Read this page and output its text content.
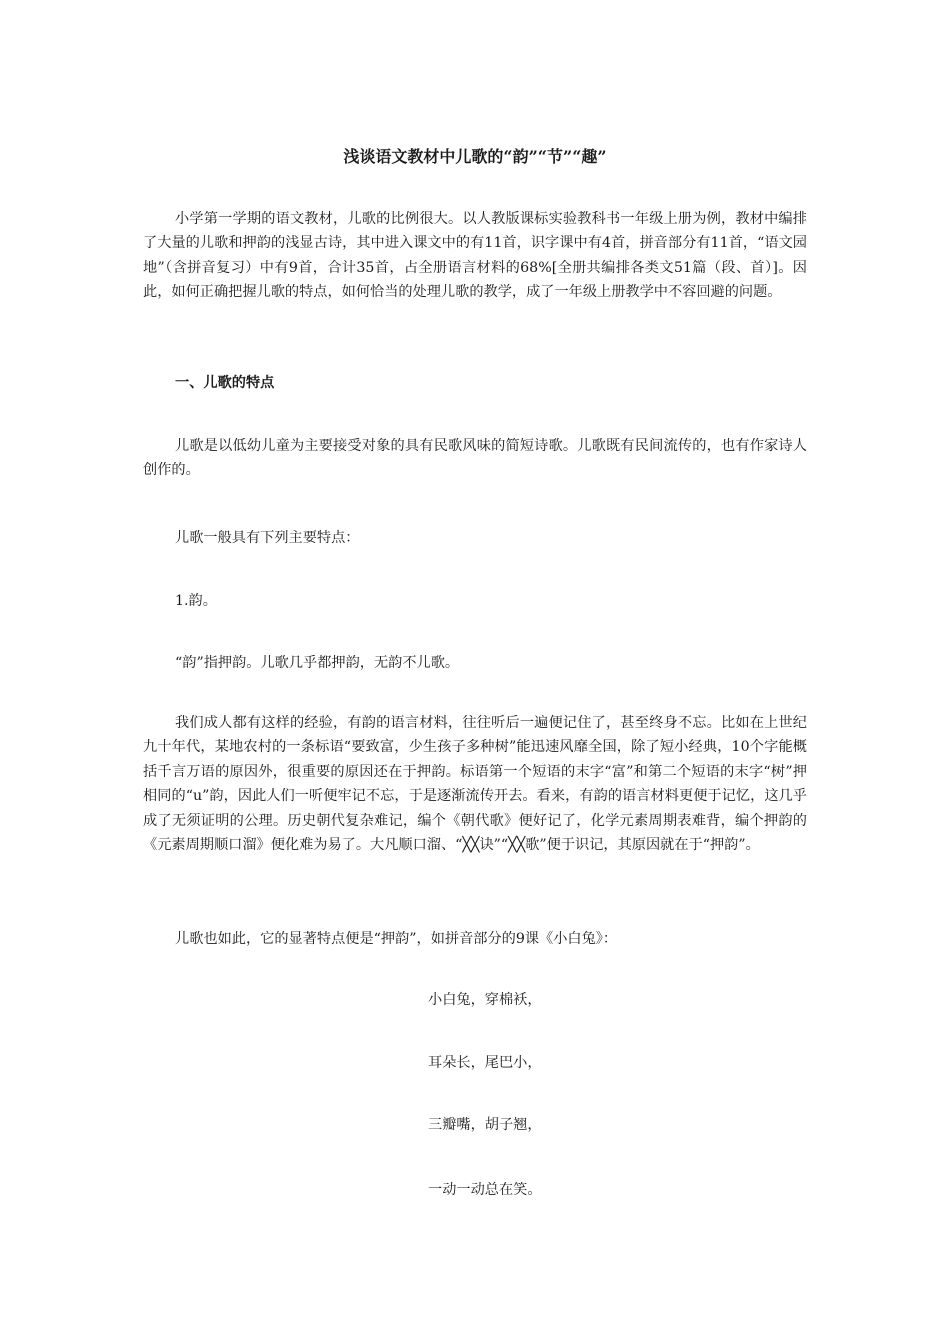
浅谈语文教材中儿歌的“韵”“节”“趣”

小学第一学期的语文教材，儿歌的比例很大。以人教版课标实验教科书一年级上册为例，教材中编排了大量的儿歌和押韵的浅显古诗，其中进入课文中的有11首，识字课中有4首，拼音部分有11首，“语文园地”（含拼音复习）中有9首，合计35首，占全册语言材料的68%[全册共编排各类文51篇（段、首）]。因此，如何正确把握儿歌的特点，如何恰当的处理儿歌的教学，成了一年级上册教学中不容回避的问题。

一、儿歌的特点

儿歌是以低幼儿童为主要接受对象的具有民歌风味的简短诗歌。儿歌既有民间流传的，也有作家诗人创作的。

儿歌一般具有下列主要特点：

1.韵。

“韵”指押韵。儿歌几乎都押韵，无韵不儿歌。

我们成人都有这样的经验，有韵的语言材料，往往听后一遍便记住了，甚至终身不忘。比如在上世纪九十年代，某地农村的一条标语“要致富，少生孩子多种树”能迅速风靡全国，除了短小经典，10个字能概括千言万语的原因外，很重要的原因还在于押韵。标语第一个短语的末字“富”和第二个短语的末字“树”押相同的“u”韵，因此人们一听便牢记不忘，于是逐渐流传开去。看来，有韵的语言材料更便于记忆，这几乎成了无须证明的公理。历史朝代复杂难记，编个《朝代歌》便好记了，化学元素周期表难背，编个押韵的《元素周期顺口溜》便化难为易了。大凡顺口溜、“╳╳诀”“╳╳歌”便于识记，其原因就在于“押韵”。

儿歌也如此，它的显著特点便是“押韵”，如拼音部分的9课《小白兔》：

小白兔，穿棉袄，

耳朵长，尾巴小，

三瓣嘴，胡子翘，

一动一动总在笑。
